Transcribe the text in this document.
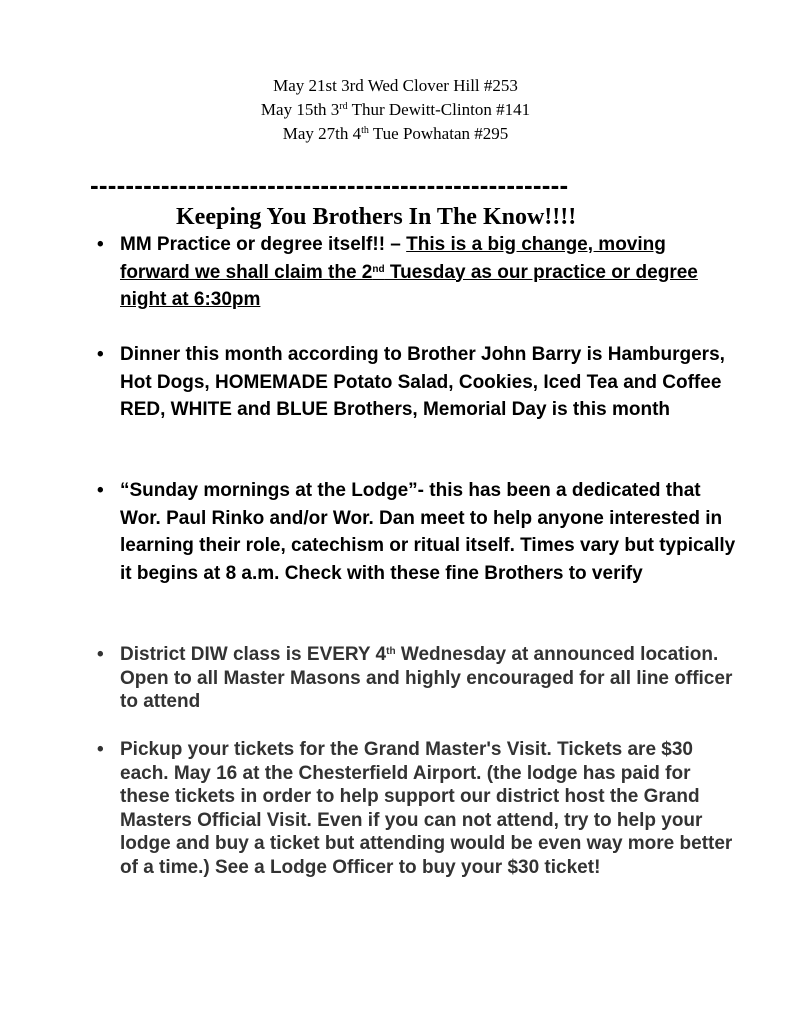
May 21st 3rd Wed Clover Hill #253
May 15th 3rd Thur Dewitt-Clinton #141
May 27th 4th Tue Powhatan #295
------------------------------------------------------
Keeping You Brothers In The Know!!!!
• MM Practice or degree itself!! – This is a big change, moving forward we shall claim the 2nd Tuesday as our practice or degree night at 6:30pm
• Dinner this month according to Brother John Barry is Hamburgers, Hot Dogs, HOMEMADE Potato Salad, Cookies, Iced Tea and Coffee RED, WHITE and BLUE Brothers, Memorial Day is this month
• “Sunday mornings at the Lodge”- this has been a dedicated that Wor. Paul Rinko and/or Wor. Dan meet to help anyone interested in learning their role, catechism or ritual itself. Times vary but typically it begins at 8 a.m. Check with these fine Brothers to verify
• District DIW class is EVERY 4th Wednesday at announced location. Open to all Master Masons and highly encouraged for all line officer to attend
• Pickup your tickets for the Grand Master's Visit. Tickets are $30 each. May 16 at the Chesterfield Airport. (the lodge has paid for these tickets in order to help support our district host the Grand Masters Official Visit. Even if you can not attend, try to help your lodge and buy a ticket but attending would be even way more better of a time.) See a Lodge Officer to buy your $30 ticket!
